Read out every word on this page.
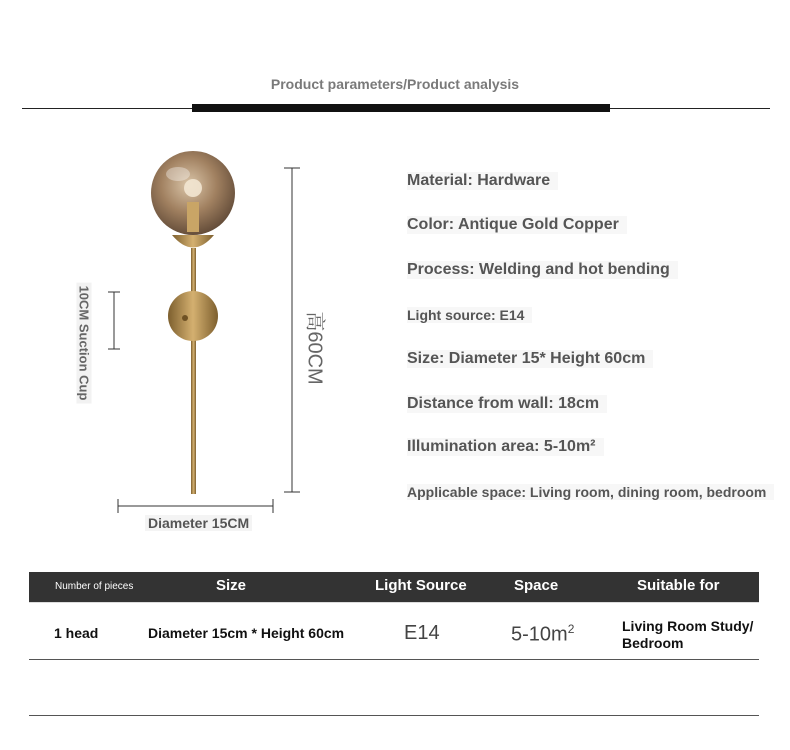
Product parameters/Product analysis
10CM Suction Cup	高60CM
Diameter 15CM
Material: Hardware
Color: Antique Gold Copper
Process: Welding and hot bending
Light source: E14
Size: Diameter 15* Height 60cm
Distance from wall: 18cm
Illumination area: 5-10m²
Applicable space: Living room, dining room, bedroom
Number of pieces	Size	Light Source	Space	Suitable for
1 head	Diameter 15cm * Height 60cm	E14	$5-10m^2$	Living Room Study/
Bedroom
